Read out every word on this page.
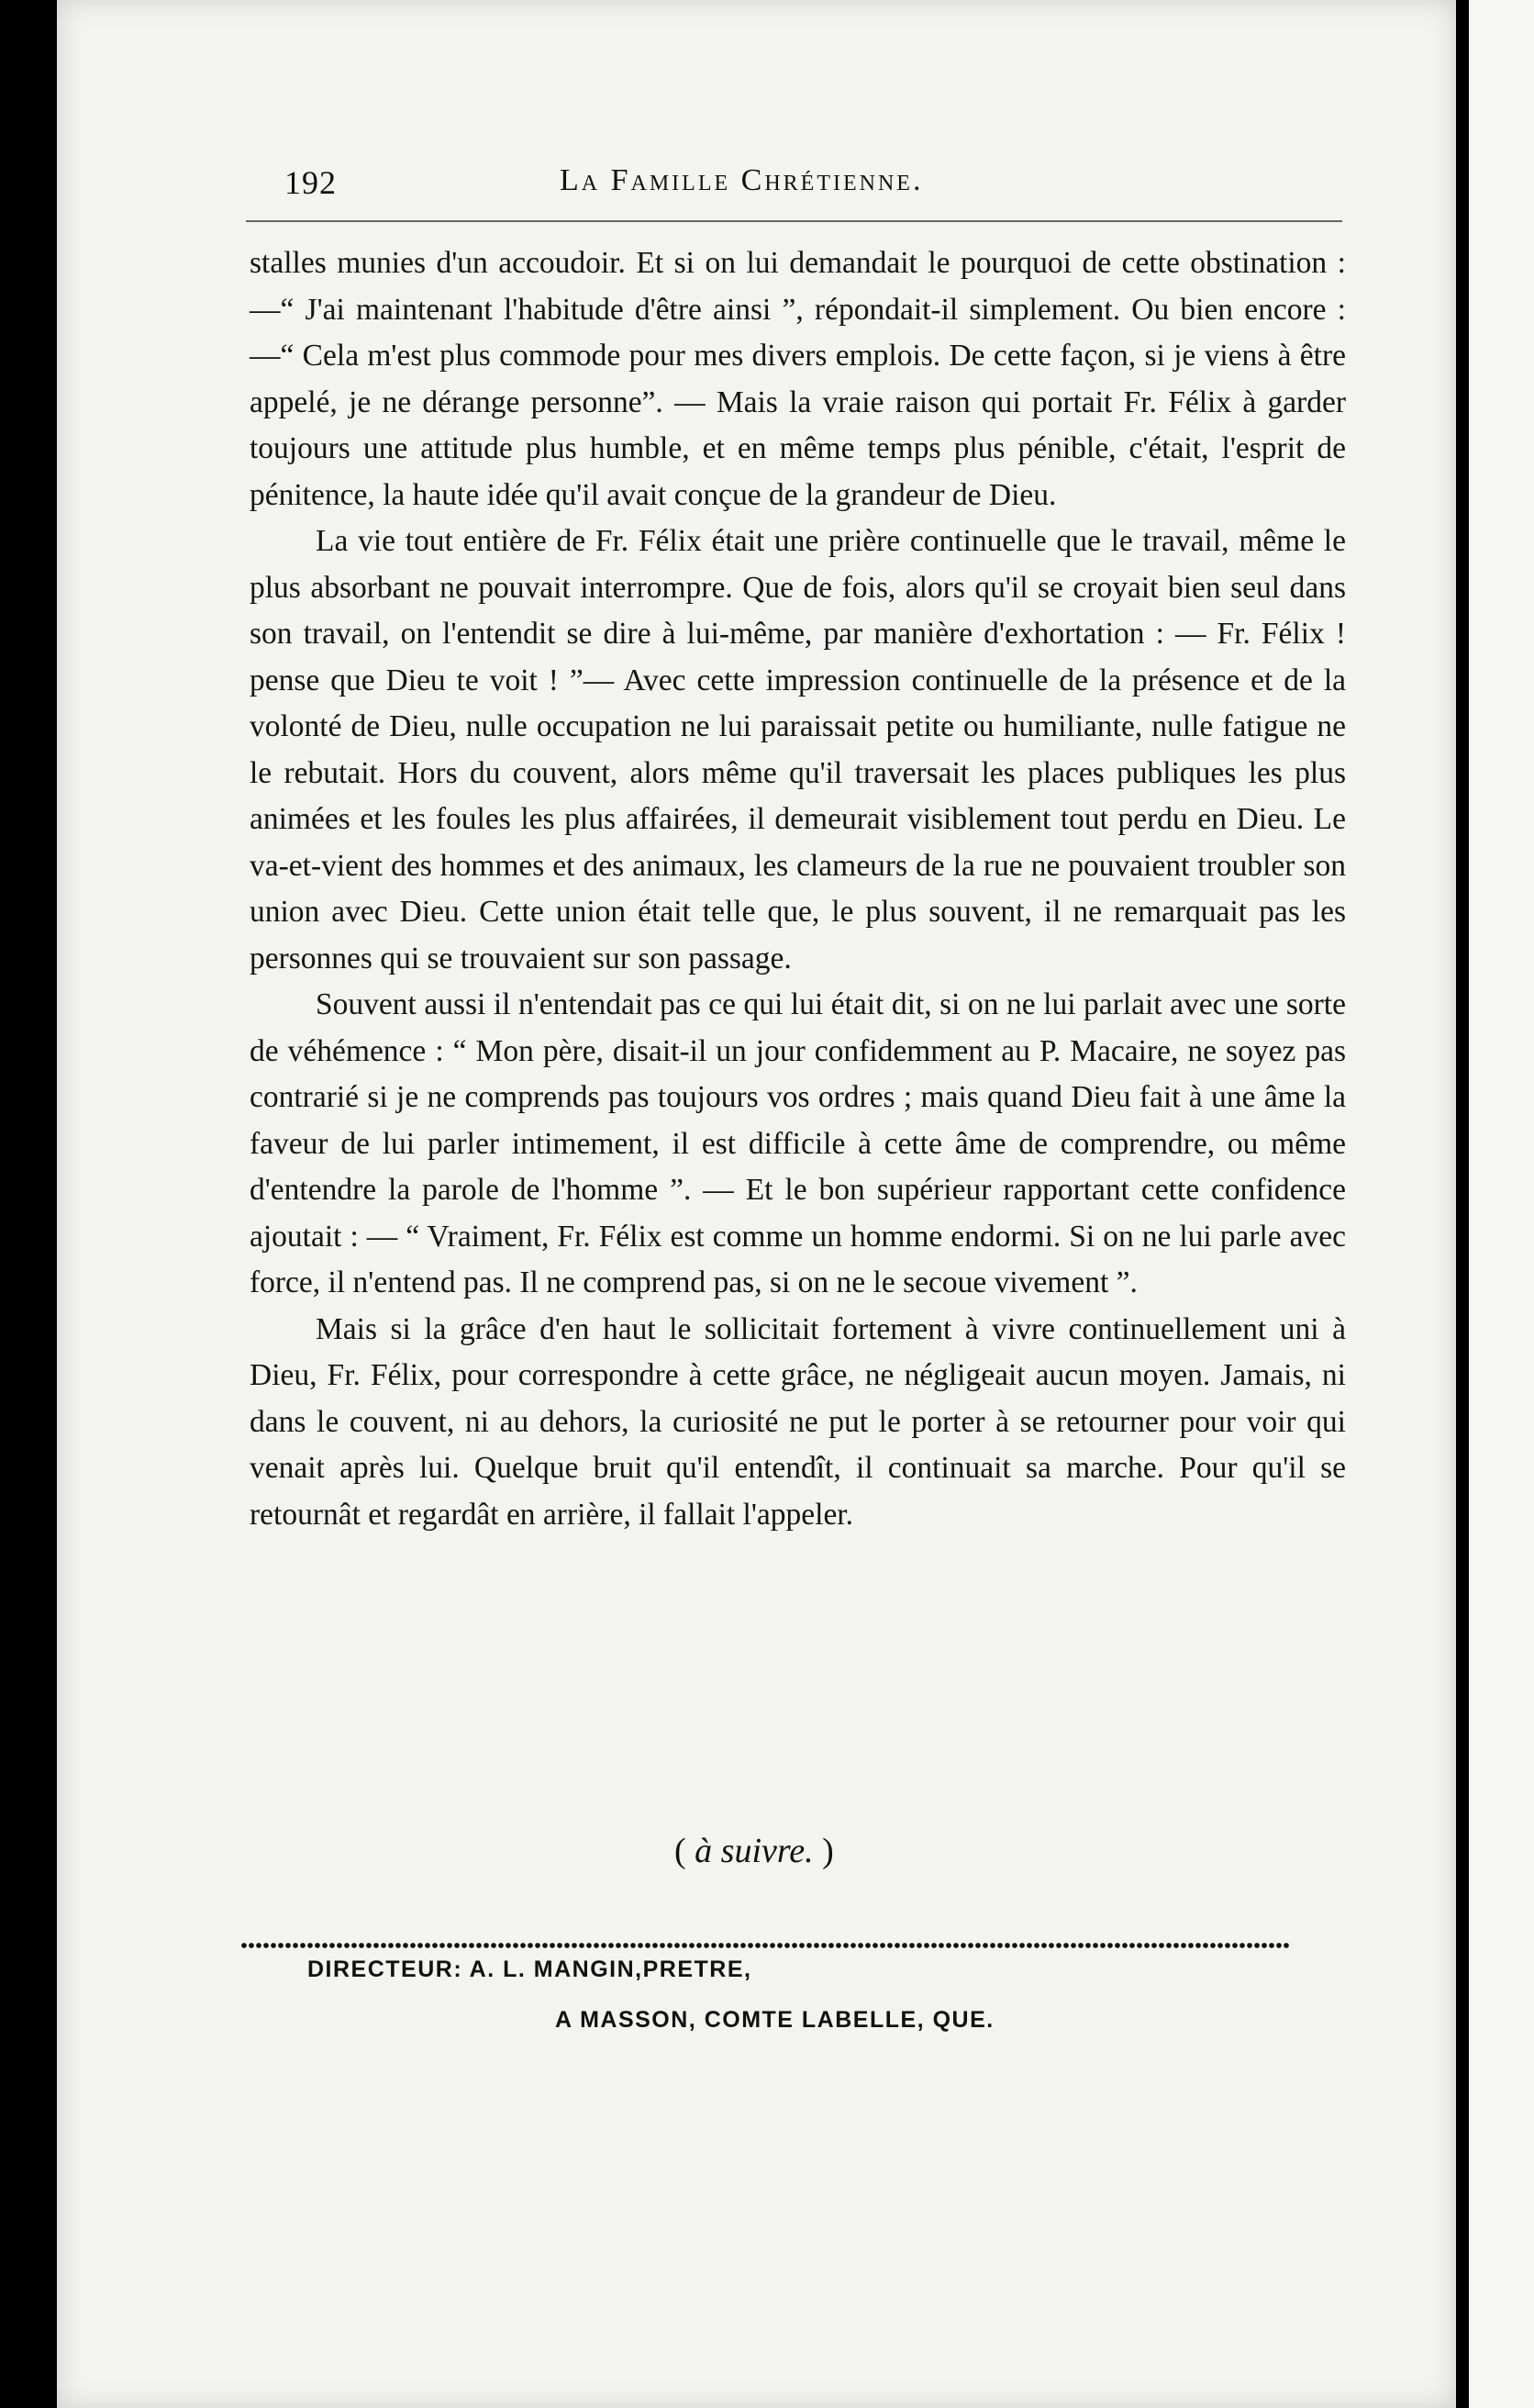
192	La Famille Chrétienne.

stalles munies d'un accoudoir. Et si on lui demandait le pourquoi de cette obstination : —“ J'ai maintenant l'habitude d'être ainsi ”, répondait-il simplement. Ou bien encore : —“ Cela m'est plus commode pour mes divers emplois. De cette façon, si je viens à être appelé, je ne dérange personne”. — Mais la vraie raison qui portait Fr. Félix à garder toujours une attitude plus humble, et en même temps plus pénible, c'était, l'esprit de pénitence, la haute idée qu'il avait conçue de la grandeur de Dieu.

La vie tout entière de Fr. Félix était une prière continuelle que le travail, même le plus absorbant ne pouvait interrompre. Que de fois, alors qu'il se croyait bien seul dans son travail, on l'entendit se dire à lui-même, par manière d'exhortation : — Fr. Félix ! pense que Dieu te voit ! ”— Avec cette impression continuelle de la présence et de la volonté de Dieu, nulle occupation ne lui paraissait petite ou humiliante, nulle fatigue ne le rebutait. Hors du couvent, alors même qu'il traversait les places publiques les plus animées et les foules les plus affairées, il demeurait visiblement tout perdu en Dieu. Le va-et-vient des hommes et des animaux, les clameurs de la rue ne pouvaient troubler son union avec Dieu. Cette union était telle que, le plus souvent, il ne remarquait pas les personnes qui se trouvaient sur son passage.

Souvent aussi il n'entendait pas ce qui lui était dit, si on ne lui parlait avec une sorte de véhémence : “ Mon père, disait-il un jour confidemment au P. Macaire, ne soyez pas contrarié si je ne comprends pas toujours vos ordres ; mais quand Dieu fait à une âme la faveur de lui parler intimement, il est difficile à cette âme de comprendre, ou même d'entendre la parole de l'homme ”. — Et le bon supérieur rapportant cette confidence ajoutait : — “ Vraiment, Fr. Félix est comme un homme endormi. Si on ne lui parle avec force, il n'entend pas. Il ne comprend pas, si on ne le secoue vivement ”.

Mais si la grâce d'en haut le sollicitait fortement à vivre continuellement uni à Dieu, Fr. Félix, pour correspondre à cette grâce, ne négligeait aucun moyen. Jamais, ni dans le couvent, ni au dehors, la curiosité ne put le porter à se retourner pour voir qui venait après lui. Quelque bruit qu'il entendît, il continuait sa marche. Pour qu'il se retournât et regardât en arrière, il fallait l'appeler.

( à suivre. )
DIRECTEUR: A. L. MANGIN,PRETRE,
A MASSON, COMTE LABELLE, QUE.
